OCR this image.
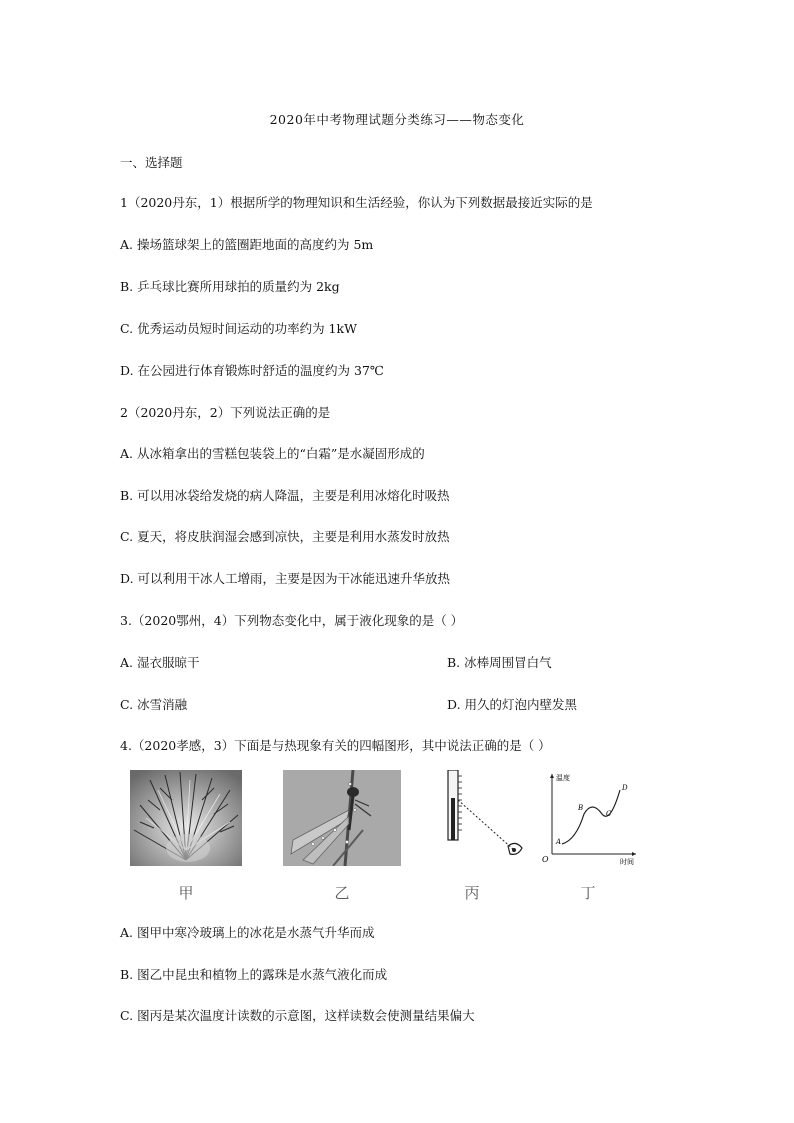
2020年中考物理试题分类练习——物态变化
一、选择题
1（2020丹东，1）根据所学的物理知识和生活经验，你认为下列数据最接近实际的是
A. 操场篮球架上的篮圈距地面的高度约为 5m
B. 乒乓球比赛所用球拍的质量约为 2kg
C. 优秀运动员短时间运动的功率约为 1kW
D. 在公园进行体育锻炼时舒适的温度约为 37℃
2（2020丹东，2）下列说法正确的是
A. 从冰箱拿出的雪糕包装袋上的“白霜”是水凝固形成的
B. 可以用冰袋给发烧的病人降温，主要是利用冰熔化时吸热
C. 夏天，将皮肤润湿会感到凉快，主要是利用水蒸发时放热
D. 可以利用干冰人工增雨，主要是因为干冰能迅速升华放热
3.（2020鄂州，4）下列物态变化中，属于液化现象的是（ ）
A. 湿衣服晾干	B. 冰棒周围冒白气
C. 冰雪消融	D. 用久的灯泡内壁发黑
4.（2020孝感，3）下面是与热现象有关的四幅图形，其中说法正确的是（ ）
O
温度
时间
A
B
C
D
甲	乙	丙	丁
A. 图甲中寒冷玻璃上的冰花是水蒸气升华而成
B. 图乙中昆虫和植物上的露珠是水蒸气液化而成
C. 图丙是某次温度计读数的示意图，这样读数会使测量结果偏大
